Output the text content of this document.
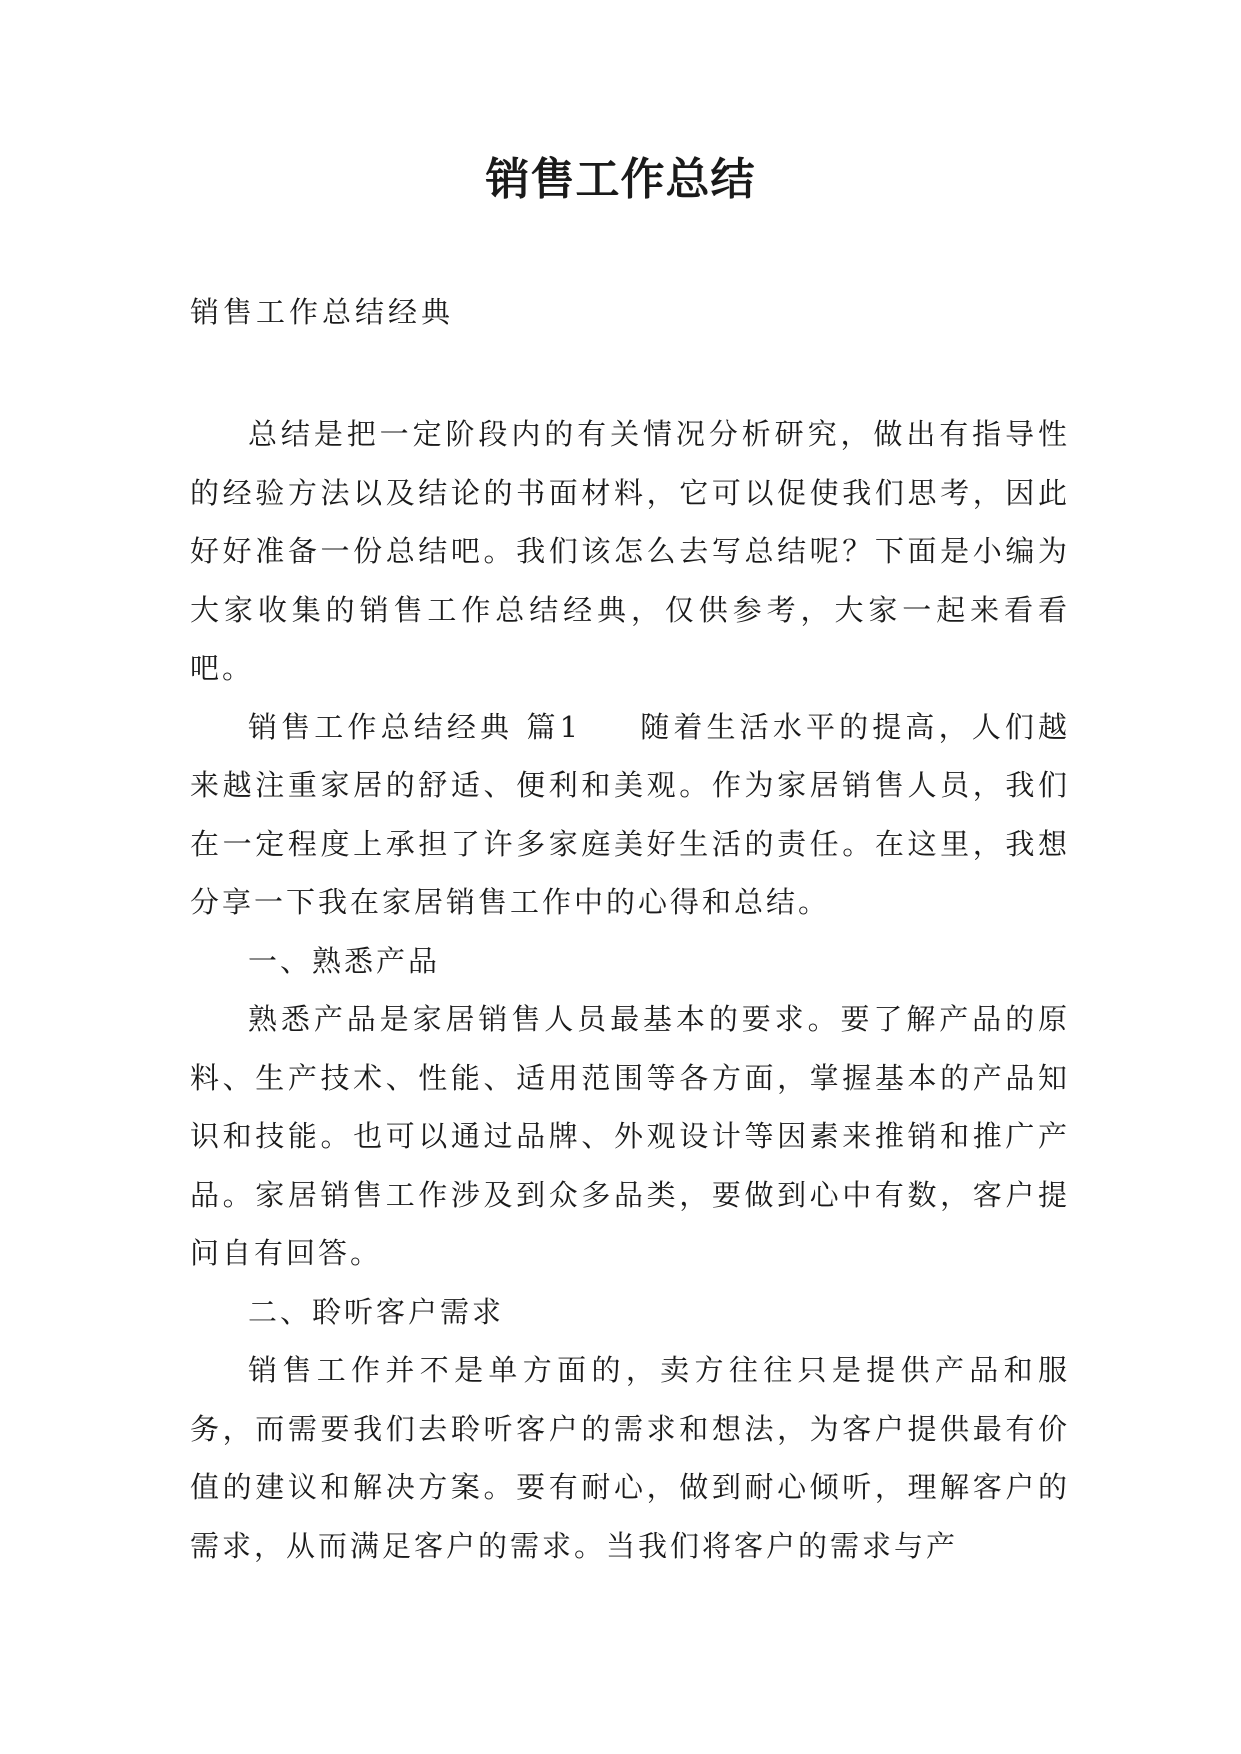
销售工作总结
销售工作总结经典

总结是把一定阶段内的有关情况分析研究，做出有指导性的经验方法以及结论的书面材料，它可以促使我们思考，因此好好准备一份总结吧。我们该怎么去写总结呢？下面是小编为大家收集的销售工作总结经典，仅供参考，大家一起来看看吧。

销售工作总结经典 篇1 随着生活水平的提高，人们越来越注重家居的舒适、便利和美观。作为家居销售人员，我们在一定程度上承担了许多家庭美好生活的责任。在这里，我想分享一下我在家居销售工作中的心得和总结。

一、熟悉产品

熟悉产品是家居销售人员最基本的要求。要了解产品的原料、生产技术、性能、适用范围等各方面，掌握基本的产品知识和技能。也可以通过品牌、外观设计等因素来推销和推广产品。家居销售工作涉及到众多品类，要做到心中有数，客户提问自有回答。

二、聆听客户需求

销售工作并不是单方面的，卖方往往只是提供产品和服务，而需要我们去聆听客户的需求和想法，为客户提供最有价值的建议和解决方案。要有耐心，做到耐心倾听，理解客户的需求，从而满足客户的需求。当我们将客户的需求与产
